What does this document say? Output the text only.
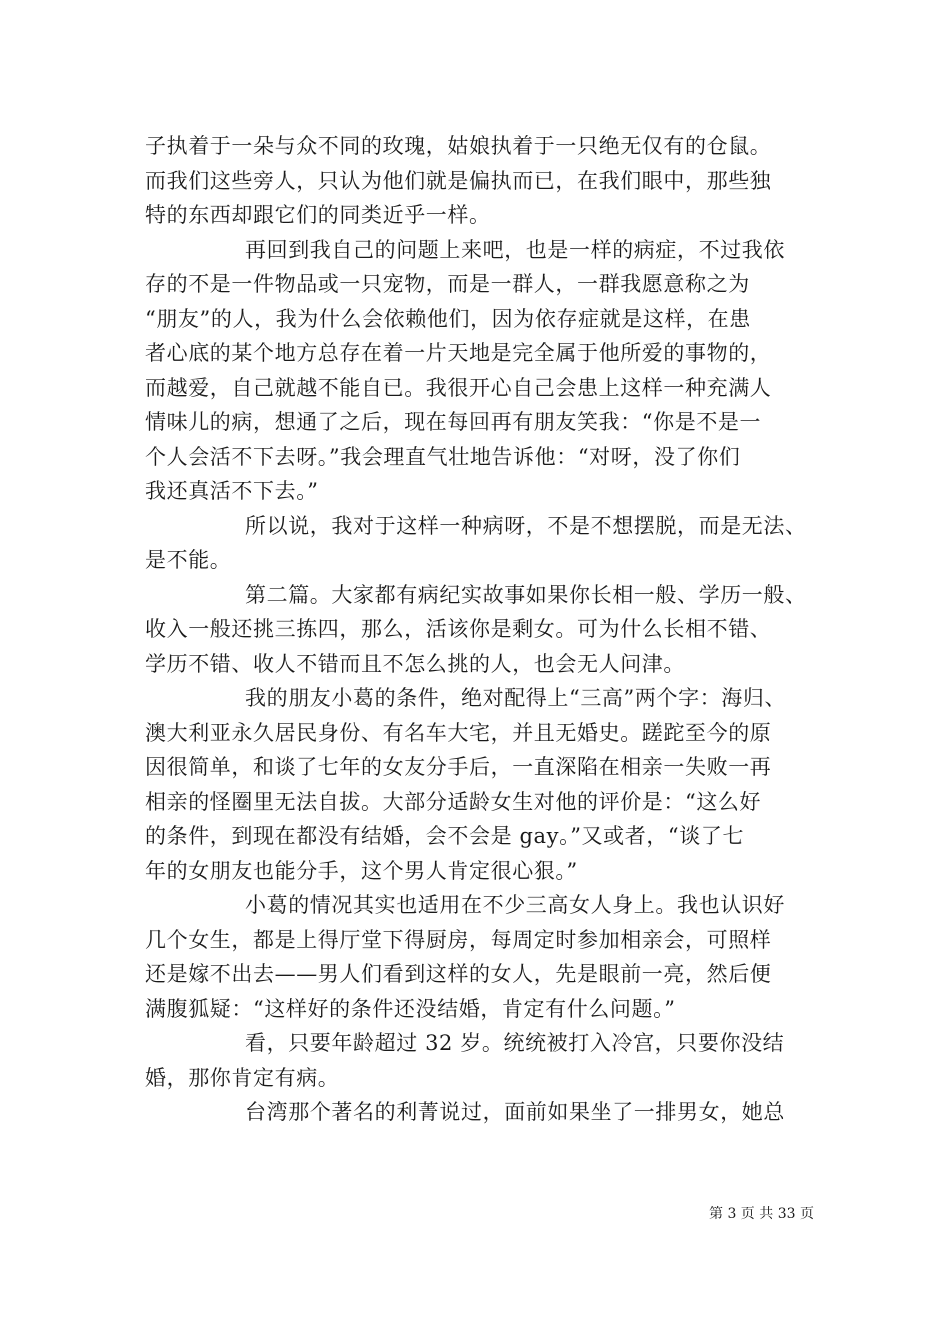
子执着于一朵与众不同的玫瑰，姑娘执着于一只绝无仅有的仓鼠。
而我们这些旁人，只认为他们就是偏执而已，在我们眼中，那些独
特的东西却跟它们的同类近乎一样。
再回到我自己的问题上来吧，也是一样的病症，不过我依
存的不是一件物品或一只宠物，而是一群人，一群我愿意称之为
“朋友”的人，我为什么会依赖他们，因为依存症就是这样，在患
者心底的某个地方总存在着一片天地是完全属于他所爱的事物的，
而越爱，自己就越不能自已。我很开心自己会患上这样一种充满人
情味儿的病，想通了之后，现在每回再有朋友笑我：“你是不是一
个人会活不下去呀。”我会理直气壮地告诉他：“对呀，没了你们
我还真活不下去。”
所以说，我对于这样一种病呀，不是不想摆脱，而是无法、
是不能。
第二篇。大家都有病纪实故事如果你长相一般、学历一般、
收入一般还挑三拣四，那么，活该你是剩女。可为什么长相不错、
学历不错、收人不错而且不怎么挑的人，也会无人问津。
我的朋友小葛的条件，绝对配得上“三高”两个字：海归、
澳大利亚永久居民身份、有名车大宅，并且无婚史。蹉跎至今的原
因很简单，和谈了七年的女友分手后，一直深陷在相亲一失败一再
相亲的怪圈里无法自拔。大部分适龄女生对他的评价是：“这么好
的条件，到现在都没有结婚，会不会是 gay。”又或者，“谈了七
年的女朋友也能分手，这个男人肯定很心狠。”
小葛的情况其实也适用在不少三高女人身上。我也认识好
几个女生，都是上得厅堂下得厨房，每周定时参加相亲会，可照样
还是嫁不出去——男人们看到这样的女人，先是眼前一亮，然后便
满腹狐疑：“这样好的条件还没结婚，肯定有什么问题。”
看，只要年龄超过 32 岁。统统被打入冷宫，只要你没结
婚，那你肯定有病。
台湾那个著名的利菁说过，面前如果坐了一排男女，她总
第 3 页 共 33 页
